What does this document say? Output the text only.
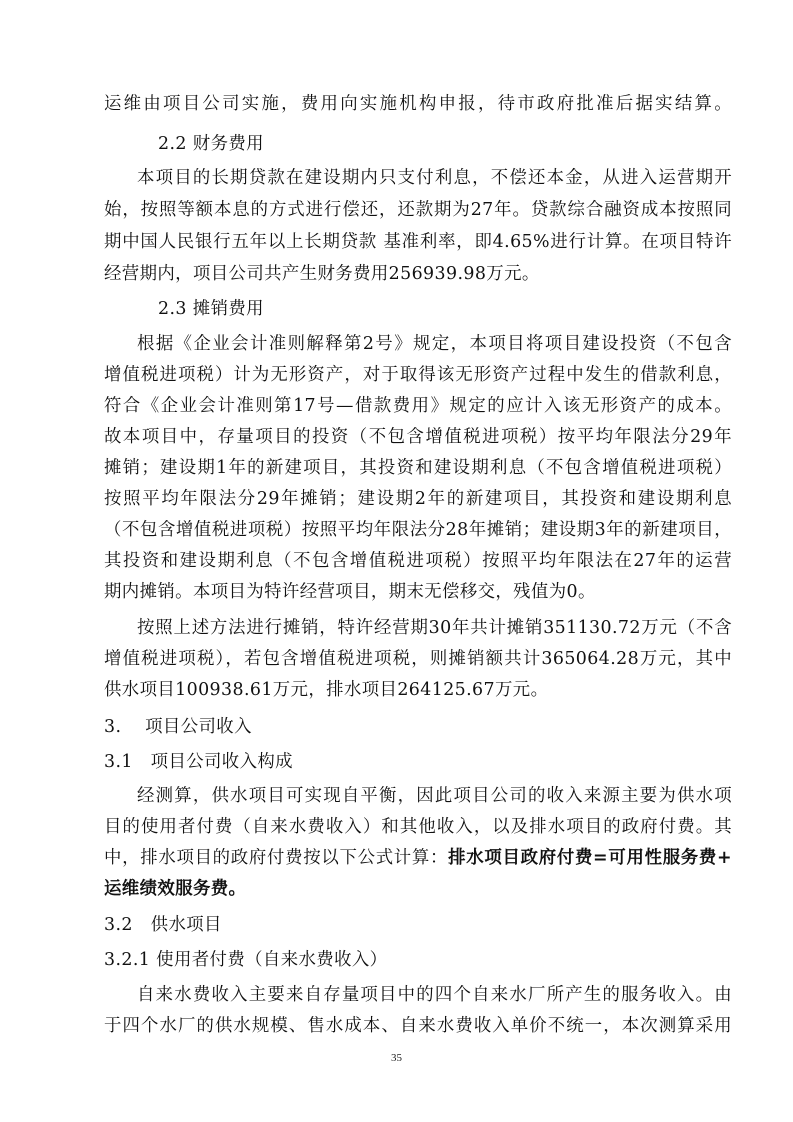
运维由项目公司实施，费用向实施机构申报，待市政府批准后据实结算。
2.2 财务费用
本项目的长期贷款在建设期内只支付利息，不偿还本金，从进入运营期开
始，按照等额本息的方式进行偿还，还款期为27年。贷款综合融资成本按照同
期中国人民银行五年以上长期贷款 基准利率，即4.65%进行计算。在项目特许
经营期内，项目公司共产生财务费用256939.98万元。
2.3 摊销费用
根据《企业会计准则解释第2号》规定，本项目将项目建设投资（不包含
增值税进项税）计为无形资产，对于取得该无形资产过程中发生的借款利息，
符合《企业会计准则第17号—借款费用》规定的应计入该无形资产的成本。
故本项目中，存量项目的投资（不包含增值税进项税）按平均年限法分29年
摊销；建设期1年的新建项目，其投资和建设期利息（不包含增值税进项税）
按照平均年限法分29年摊销；建设期2年的新建项目，其投资和建设期利息
（不包含增值税进项税）按照平均年限法分28年摊销；建设期3年的新建项目，
其投资和建设期利息（不包含增值税进项税）按照平均年限法在27年的运营
期内摊销。本项目为特许经营项目，期末无偿移交，残值为0。
按照上述方法进行摊销，特许经营期30年共计摊销351130.72万元（不含
增值税进项税），若包含增值税进项税，则摊销额共计365064.28万元，其中
供水项目100938.61万元，排水项目264125.67万元。
3.　 项目公司收入
3.1　项目公司收入构成
经测算，供水项目可实现自平衡，因此项目公司的收入来源主要为供水项
目的使用者付费（自来水费收入）和其他收入，以及排水项目的政府付费。其
中，排水项目的政府付费按以下公式计算：排水项目政府付费=可用性服务费+
运维绩效服务费。
3.2　供水项目
3.2.1 使用者付费（自来水费收入）
自来水费收入主要来自存量项目中的四个自来水厂所产生的服务收入。由
于四个水厂的供水规模、售水成本、自来水费收入单价不统一，本次测算采用
35
